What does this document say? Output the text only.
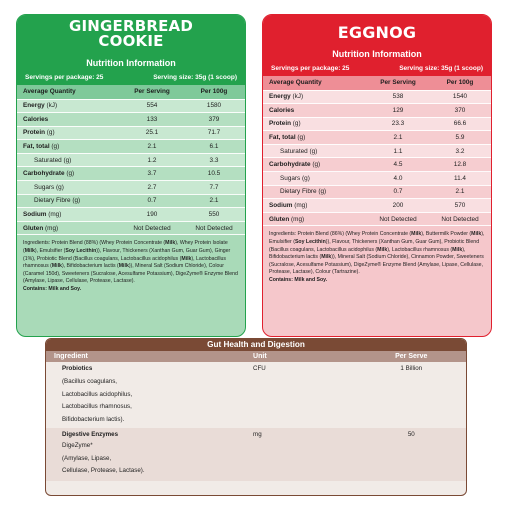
GINGERBREAD
COOKIE
Nutrition Information
Servings per package: 25	Serving size: 35g (1 scoop)
Average Quantity	Per Serving	Per 100g
Energy (kJ)	554	1580
Calories	133	379
Protein (g)	25.1	71.7
Fat, total (g)	2.1	6.1
Saturated (g)	1.2	3.3
Carbohydrate (g)	3.7	10.5
Sugars (g)	2.7	7.7
Dietary Fibre (g)	0.7	2.1
Sodium (mg)	190	550
Gluten (mg)	Not Detected	Not Detected
Ingredients: Protein Blend (88%) (Whey Protein Concentrate (Milk), Whey Protein Isolate (Milk), Emulsifier (Soy Lecithin)), Flavour, Thickeners (Xanthan Gum, Guar Gum), Ginger (1%), Probiotic Blend (Bacillus coagulans, Lactobacillus acidophilus (Milk), Lactobacillus rhamnosus (Milk), Bifidobacterium lactis (Milk)), Mineral Salt (Sodium Chloride), Colour (Caramel 150d), Sweeteners (Sucralose, Acesulfame Potassium), DigeZyme® Enzyme Blend (Amylase, Lipase, Cellulase, Protease, Lactase).
Contains: Milk and Soy.
EGGNOG
Nutrition Information
Servings per package: 25	Serving size: 35g (1 scoop)
Average Quantity	Per Serving	Per 100g
Energy (kJ)	538	1540
Calories	129	370
Protein (g)	23.3	66.6
Fat, total (g)	2.1	5.9
Saturated (g)	1.1	3.2
Carbohydrate (g)	4.5	12.8
Sugars (g)	4.0	11.4
Dietary Fibre (g)	0.7	2.1
Sodium (mg)	200	570
Gluten (mg)	Not Detected	Not Detected
Ingredients: Protein Blend (86%) (Whey Protein Concentrate (Milk), Buttermilk Powder (Milk), Emulsifier (Soy Lecithin)), Flavour, Thickeners (Xanthan Gum, Guar Gum), Probiotic Blend (Bacillus coagulans, Lactobacillus acidophilus (Milk), Lactobacillus rhamnosus (Milk), Bifidobacterium lactis (Milk)), Mineral Salt (Sodium Chloride), Cinnamon Powder, Sweeteners (Sucralose, Acesulfame Potassium), DigeZyme® Enzyme Blend (Amylase, Lipase, Cellulase, Protease, Lactase), Colour (Tartrazine).
Contains: Milk and Soy.
Gut Health and Digestion
Ingredient	Unit	Per Serve
Probiotics
(Bacillus coagulans,
Lactobacillus acidophilus,
Lactobacillus rhamnosus,
Bifidobacterium lactis).
CFU	1 Billion
Digestive Enzymes
DigeZyme*
(Amylase, Lipase,
Cellulase, Protease, Lactase).
mg	50
